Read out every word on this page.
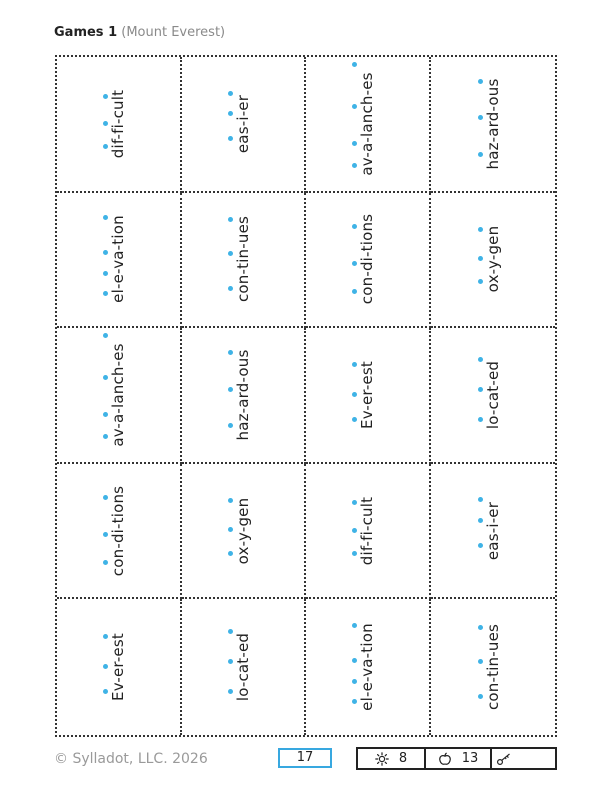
Games 1 (Mount Everest)
dif-fi-cult	eas-i-er	av-a-lanch-es	haz-ard-ous
el-e-va-tion	con-tin-ues	con-di-tions	ox-y-gen
av-a-lanch-es	haz-ard-ous	Ev-er-est	lo-cat-ed
con-di-tions	ox-y-gen	dif-fi-cult	eas-i-er
Ev-er-est	lo-cat-ed	el-e-va-tion	con-tin-ues
© Sylladot, LLC. 2026	17	8	13
